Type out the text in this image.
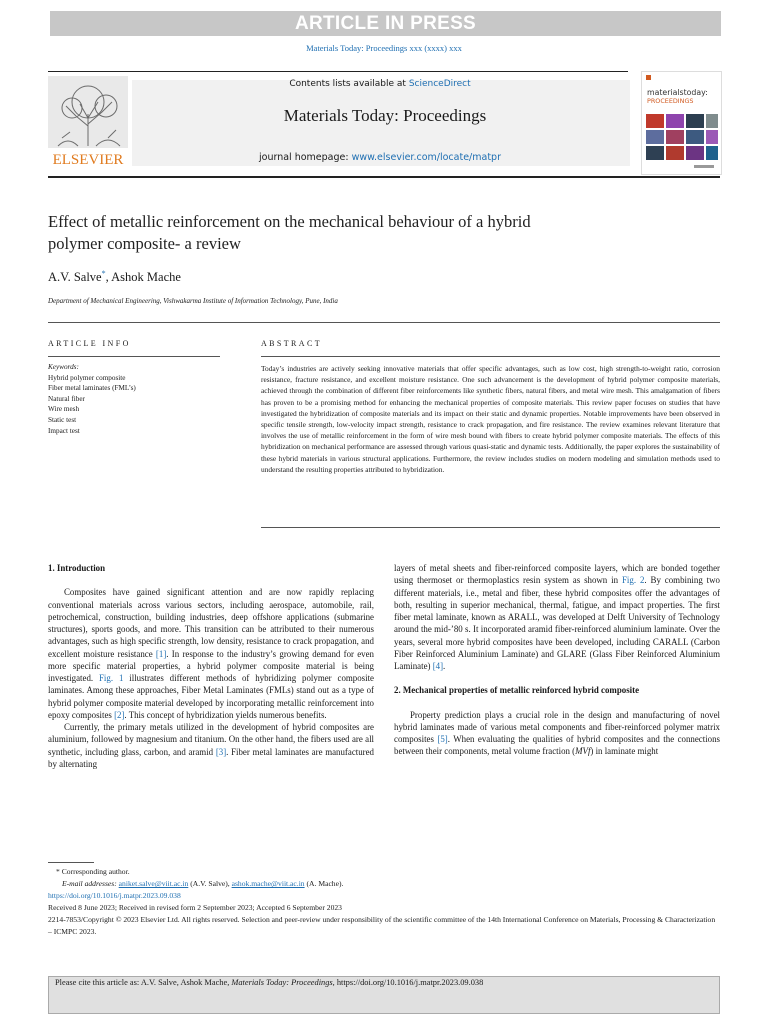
ARTICLE IN PRESS
Materials Today: Proceedings xxx (xxxx) xxx
ELSEVIER
Contents lists available at ScienceDirect
Materials Today: Proceedings
journal homepage: www.elsevier.com/locate/matpr
materialstoday:
PROCEEDINGS
Effect of metallic reinforcement on the mechanical behaviour of a hybrid
polymer composite- a review
A.V. Salve*, Ashok Mache
Department of Mechanical Engineering, Vishwakarma Institute of Information Technology, Pune, India
ARTICLE INFO	ABSTRACT
Keywords:
Hybrid polymer composite
Fiber metal laminates (FML’s)
Natural fiber
Wire mesh
Static test
Impact test
Today’s industries are actively seeking innovative materials that offer specific advantages, such as low cost, high strength-to-weight ratio, corrosion resistance, fracture resistance, and excellent moisture resistance. One such advancement is the development of hybrid polymer composite materials, achieved through the combination of different fiber reinforcements like synthetic fibers, natural fibers, and metal wire mesh. This amalgamation of fibers has proven to be a promising method for enhancing the mechanical properties of composite materials. This review paper focuses on studies that have investigated the hybridization of composite materials and its impact on their static and dynamic properties. Notable improvements have been observed in specific tensile strength, low-velocity impact strength, resistance to crack propagation, and fire resistance. The review examines relevant literature that involves the use of metallic reinforcement in the form of wire mesh bound with fibers to create hybrid polymer composite materials. The effects of this hybridization on mechanical performance are assessed through various quasi-static and dynamic tests. Additionally, the paper explores the sustainability of these hybrid materials in various structural applications. Furthermore, the review includes studies on modern modeling and simulation methods used to understand the resulting properties attributed to hybridization.
1. Introduction

Composites have gained significant attention and are now rapidly replacing conventional materials across various sectors, including aerospace, automobile, rail, petrochemical, construction, building industries, deep offshore applications (submarine structures), sports goods, and more. This transition can be attributed to their numerous advantages, such as high specific strength, low density, resistance to crack propagation, and excellent moisture resistance [1]. In response to the industry’s growing demand for even more specific material properties, a hybrid polymer composite material is being investigated. Fig. 1 illustrates different methods of hybridizing polymer composite laminates. Among these approaches, Fiber Metal Laminates (FMLs) stand out as a type of hybrid polymer composite material developed by incorporating metallic reinforcement into epoxy composites [2]. This concept of hybridization yields numerous benefits.

Currently, the primary metals utilized in the development of hybrid composites are aluminium, followed by magnesium and titanium. On the other hand, the fibers used are all synthetic, including glass, carbon, and aramid [3]. Fiber metal laminates are manufactured by alternating

layers of metal sheets and fiber-reinforced composite layers, which are bonded together using thermoset or thermoplastics resin system as shown in Fig. 2. By combining two different materials, i.e., metal and fiber, these hybrid composites offer the advantages of both, resulting in superior mechanical, thermal, fatigue, and impact properties. The first fiber metal laminate, known as ARALL, was developed at Delft University of Technology around the mid-’80 s. It incorporated aramid fiber-reinforced aluminium laminate. Over the years, several more hybrid composites have been developed, including CARALL (Carbon Fiber Reinforced Aluminium Laminate) and GLARE (Glass Fiber Reinforced Aluminium Laminate) [4].

2. Mechanical properties of metallic reinforced hybrid composite

Property prediction plays a crucial role in the design and manufacturing of novel hybrid laminates made of various metal components and fiber-reinforced polymer matrix composites [5]. When evaluating the qualities of hybrid composites and the connections between their components, metal volume fraction (MVf) in laminate might

* Corresponding author.
E-mail addresses: aniket.salve@viit.ac.in (A.V. Salve), ashok.mache@viit.ac.in (A. Mache).
https://doi.org/10.1016/j.matpr.2023.09.038
Received 8 June 2023; Received in revised form 2 September 2023; Accepted 6 September 2023
2214-7853/Copyright © 2023 Elsevier Ltd. All rights reserved. Selection and peer-review under responsibility of the scientific committee of the 14th International Conference on Materials, Processing & Characterization – ICMPC 2023.
Please cite this article as: A.V. Salve, Ashok Mache, Materials Today: Proceedings, https://doi.org/10.1016/j.matpr.2023.09.038
